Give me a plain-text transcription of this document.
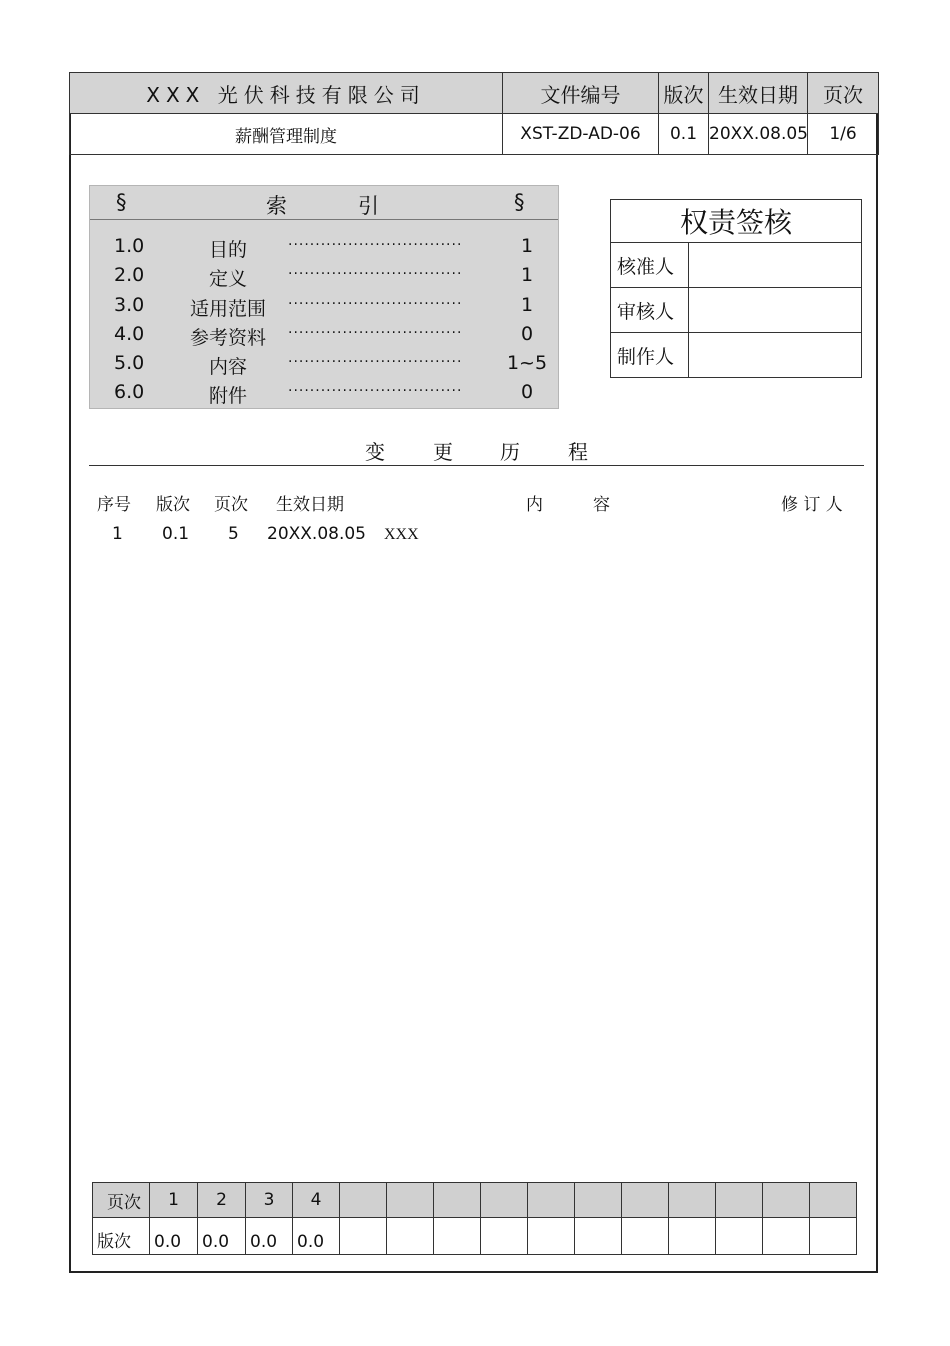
XXX 光伏科技有限公司	文件编号	版次	生效日期	页次
薪酬管理制度	XST-ZD-AD-06	0.1	20XX.08.05	1/6
§	索	引	§
1.0	目的	································	1
2.0	定义	································	1
3.0	适用范围	································	1
4.0	参考资料	································	0
5.0	内容	································	1~5
6.0	附件	································	0
权责签核	
核准人	
审核人	
制作人	
变 更 历 程
序号 版次 页次 生效日期	内	容	修 订 人
1 0.1 5 20XX.08.05 XXX
页次	1	2	3	4											
版次	0.0	0.0	0.0	0.0											
